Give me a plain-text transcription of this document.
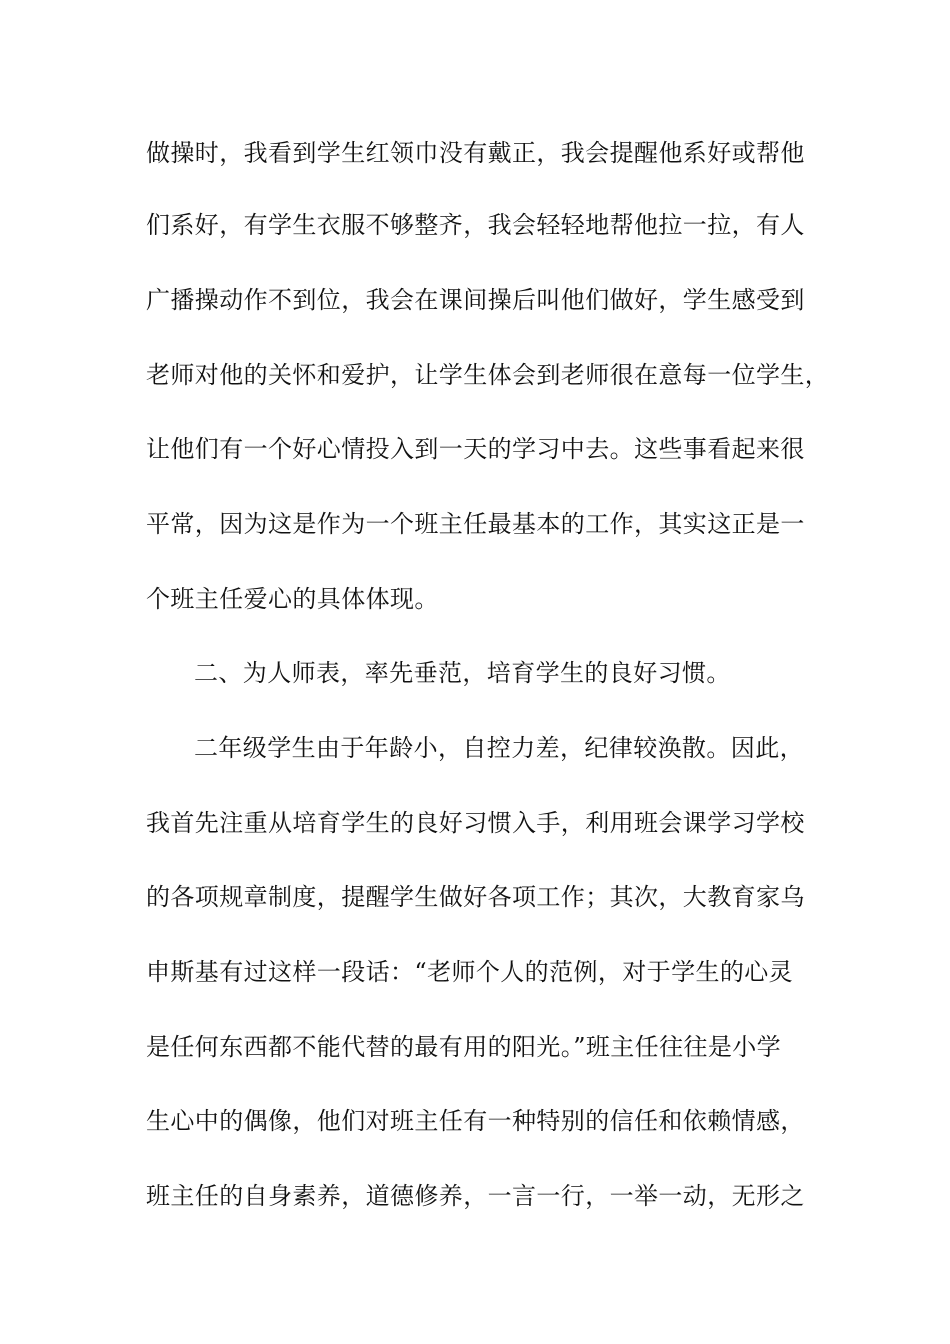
做操时，我看到学生红领巾没有戴正，我会提醒他系好或帮他
们系好，有学生衣服不够整齐，我会轻轻地帮他拉一拉，有人
广播操动作不到位，我会在课间操后叫他们做好，学生感受到
老师对他的关怀和爱护，让学生体会到老师很在意每一位学生，
让他们有一个好心情投入到一天的学习中去。这些事看起来很
平常，因为这是作为一个班主任最基本的工作，其实这正是一
个班主任爱心的具体体现。
二、为人师表，率先垂范，培育学生的良好习惯。
二年级学生由于年龄小，自控力差，纪律较涣散。因此，
我首先注重从培育学生的良好习惯入手，利用班会课学习学校
的各项规章制度，提醒学生做好各项工作；其次，大教育家乌
申斯基有过这样一段话：“老师个人的范例，对于学生的心灵
是任何东西都不能代替的最有用的阳光。”班主任往往是小学
生心中的偶像，他们对班主任有一种特别的信任和依赖情感，
班主任的自身素养，道德修养，一言一行，一举一动，无形之
